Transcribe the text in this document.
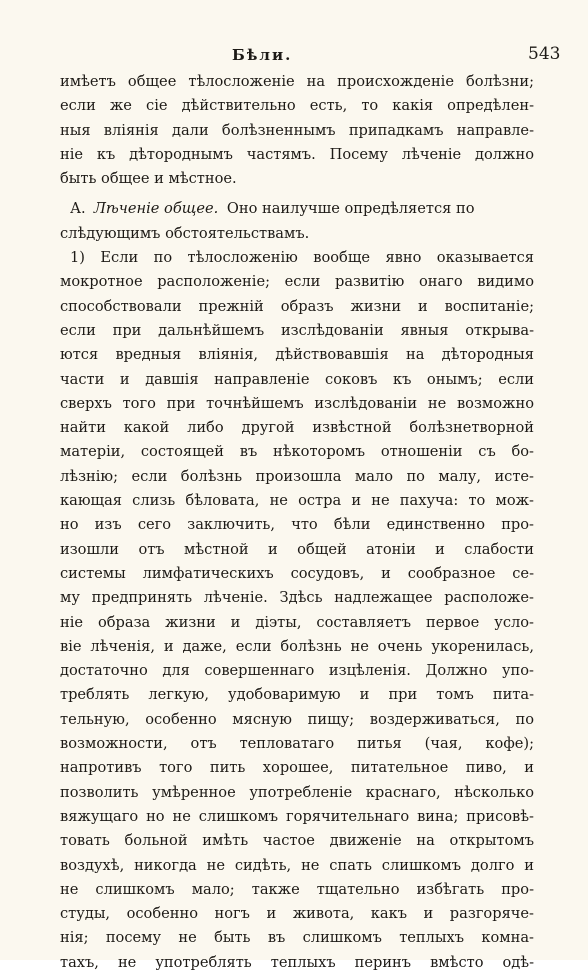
Бѣли.	543
имѣетъ общее тѣлосложеніе на происхожденіе болѣзни;
если же сіе дѣйствительно есть, то какія опредѣлен-
ныя вліянія дали болѣзненнымъ припадкамъ направле-
ніе къ дѣтороднымъ частямъ. Посему лѣченіе должно
быть общее и мѣстное.
А. Лѣченіе общее. Оно наилучше опредѣляется по
слѣдующимъ обстоятельствамъ.
1) Если по тѣлосложенію вообще явно оказывается
мокротное расположеніе; если развитію онаго видимо
способствовали прежній образъ жизни и воспитаніе;
если при дальнѣйшемъ изслѣдованіи явныя открыва-
ются вредныя вліянія, дѣйствовавшія на дѣтородныя
части и давшія направленіе соковъ къ онымъ; если
сверхъ того при точнѣйшемъ изслѣдованіи не возможно
найти какой либо другой извѣстной болѣзнетворной
матеріи, состоящей въ нѣкоторомъ отношеніи съ бо-
лѣзнію; если болѣзнь произошла мало по малу, исте-
кающая слизь бѣловата, не остра и не пахуча: то мож-
но изъ сего заключить, что бѣли единственно про-
изошли отъ мѣстной и общей атоніи и слабости
системы лимфатическихъ сосудовъ, и сообразное се-
му предпринять лѣченіе. Здѣсь надлежащее расположе-
ніе образа жизни и діэты, составляетъ первое усло-
віе лѣченія, и даже, если болѣзнь не очень укоренилась,
достаточно для совершеннаго изцѣленія. Должно упо-
треблять легкую, удобоваримую и при томъ пита-
тельную, особенно мясную пищу; воздерживаться, по
возможности, отъ тепловатаго питья (чая, кофе);
напротивъ того пить хорошее, питательное пиво, и
позволить умѣренное употребленіе краснаго, нѣсколько
вяжущаго но не слишкомъ горячительнаго вина; присовѣ-
товать больной имѣть частое движеніе на открытомъ
воздухѣ, никогда не сидѣть, не спать слишкомъ долго и
не слишкомъ мало; также тщательно избѣгать про-
студы, особенно ногъ и живота, какъ и разгоряче-
нія; посему не быть въ слишкомъ теплыхъ комна-
тахъ, не употреблять теплыхъ перинъ вмѣсто одѣ-
